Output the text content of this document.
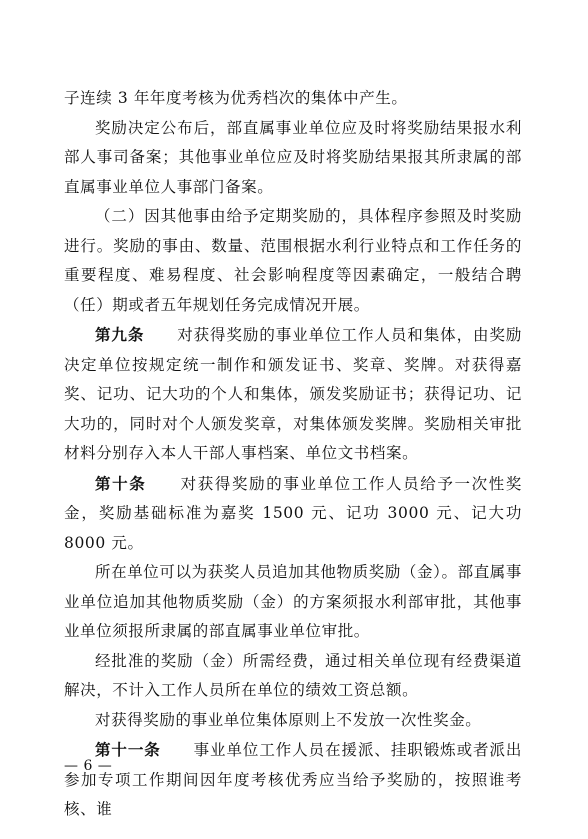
子连续 3 年年度考核为优秀档次的集体中产生。

奖励决定公布后，部直属事业单位应及时将奖励结果报水利部人事司备案；其他事业单位应及时将奖励结果报其所隶属的部直属事业单位人事部门备案。

（二）因其他事由给予定期奖励的，具体程序参照及时奖励进行。奖励的事由、数量、范围根据水利行业特点和工作任务的重要程度、难易程度、社会影响程度等因素确定，一般结合聘（任）期或者五年规划任务完成情况开展。

第九条　　 对获得奖励的事业单位工作人员和集体，由奖励决定单位按规定统一制作和颁发证书、奖章、奖牌。对获得嘉奖、记功、记大功的个人和集体，颁发奖励证书；获得记功、记大功的，同时对个人颁发奖章，对集体颁发奖牌。奖励相关审批材料分别存入本人干部人事档案、单位文书档案。

第十条　　 对获得奖励的事业单位工作人员给予一次性奖金，奖励基础标准为嘉奖 1500 元、记功 3000 元、记大功 8000 元。

所在单位可以为获奖人员追加其他物质奖励（金）。部直属事业单位追加其他物质奖励（金）的方案须报水利部审批，其他事业单位须报所隶属的部直属事业单位审批。

经批准的奖励（金）所需经费，通过相关单位现有经费渠道解决，不计入工作人员所在单位的绩效工资总额。

对获得奖励的事业单位集体原则上不发放一次性奖金。

第十一条　　 事业单位工作人员在援派、挂职锻炼或者派出参加专项工作期间因年度考核优秀应当给予奖励的，按照谁考核、谁

— 6 —
